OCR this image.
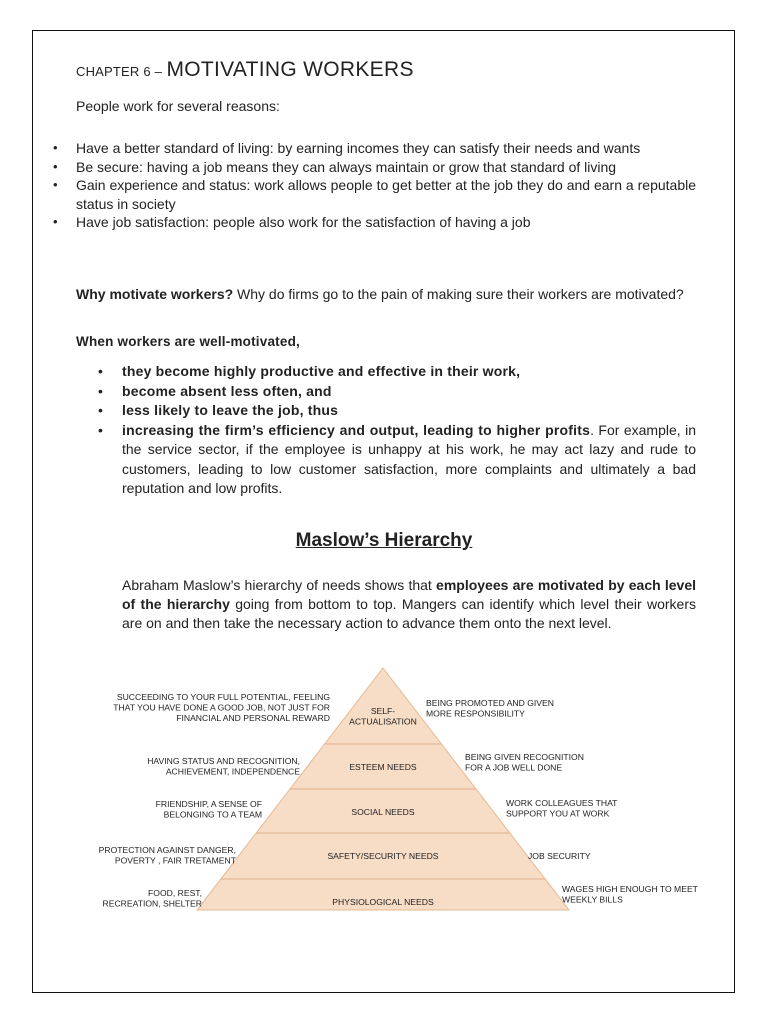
CHAPTER 6 – MOTIVATING WORKERS
People work for several reasons:
• Have a better standard of living: by earning incomes they can satisfy their needs and wants
• Be secure: having a job means they can always maintain or grow that standard of living
• Gain experience and status: work allows people to get better at the job they do and earn a reputable status in society
• Have job satisfaction: people also work for the satisfaction of having a job
Why motivate workers? Why do firms go to the pain of making sure their workers are motivated?
When workers are well-motivated,
• they become highly productive and effective in their work,
• become absent less often, and
• less likely to leave the job, thus
• increasing the firm’s efficiency and output, leading to higher profits. For example, in the service sector, if the employee is unhappy at his work, he may act lazy and rude to customers, leading to low customer satisfaction, more complaints and ultimately a bad reputation and low profits.
Maslow’s Hierarchy
Abraham Maslow’s hierarchy of needs shows that employees are motivated by each level of the hierarchy going from bottom to top. Mangers can identify which level their workers are on and then take the necessary action to advance them onto the next level.
SELF-
ACTUALISATION
SUCCEEDING TO YOUR FULL POTENTIAL, FEELING
THAT YOU HAVE DONE A GOOD JOB, NOT JUST FOR
FINANCIAL AND PERSONAL REWARD
BEING PROMOTED AND GIVEN
MORE RESPONSIBILITY
ESTEEM NEEDS
HAVING STATUS AND RECOGNITION,
ACHIEVEMENT, INDEPENDENCE
BEING GIVEN RECOGNITION
FOR A JOB WELL DONE
SOCIAL NEEDS
FRIENDSHIP, A SENSE OF
BELONGING TO A TEAM
WORK COLLEAGUES THAT
SUPPORT YOU AT WORK
SAFETY/SECURITY NEEDS
PROTECTION AGAINST DANGER,
POVERTY , FAIR TRETAMENT	JOB SECURITY
PHYSIOLOGICAL NEEDS
FOOD, REST,
RECREATION, SHELTER
WAGES HIGH ENOUGH TO MEET
WEEKLY BILLS
